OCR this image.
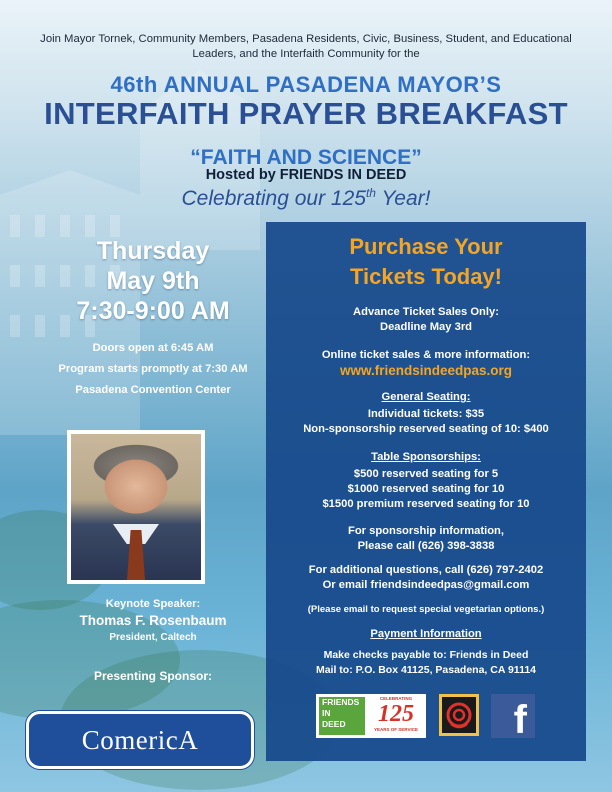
Join Mayor Tornek, Community Members, Pasadena Residents, Civic, Business, Student, and Educational Leaders, and the Interfaith Community for the
46th ANNUAL PASADENA MAYOR’S
INTERFAITH PRAYER BREAKFAST
“FAITH AND SCIENCE”
Hosted by FRIENDS IN DEED
Celebrating our 125th Year!
Thursday
May 9th
7:30-9:00 AM
Doors open at 6:45 AM
Program starts promptly at 7:30 AM
Pasadena Convention Center
Keynote Speaker:
Thomas F. Rosenbaum
President, Caltech
Presenting Sponsor:
ComericA
Purchase Your
Tickets Today!
Advance Ticket Sales Only:
Deadline May 3rd
Online ticket sales & more information:
www.friendsindeedpas.org
General Seating:
Individual tickets: $35
Non-sponsorship reserved seating of 10: $400
Table Sponsorships:
$500 reserved seating for 5
$1000 reserved seating for 10
$1500 premium reserved seating for 10
For sponsorship information,
Please call (626) 398-3838
For additional questions, call (626) 797-2402
Or email friendsindeedpas@gmail.com
(Please email to request special vegetarian options.)
Payment Information
Make checks payable to: Friends in Deed
Mail to: P.O. Box 41125, Pasadena, CA 91114
FRIENDS
IN
DEED
CELEBRATING
125
YEARS OF SERVICE f
